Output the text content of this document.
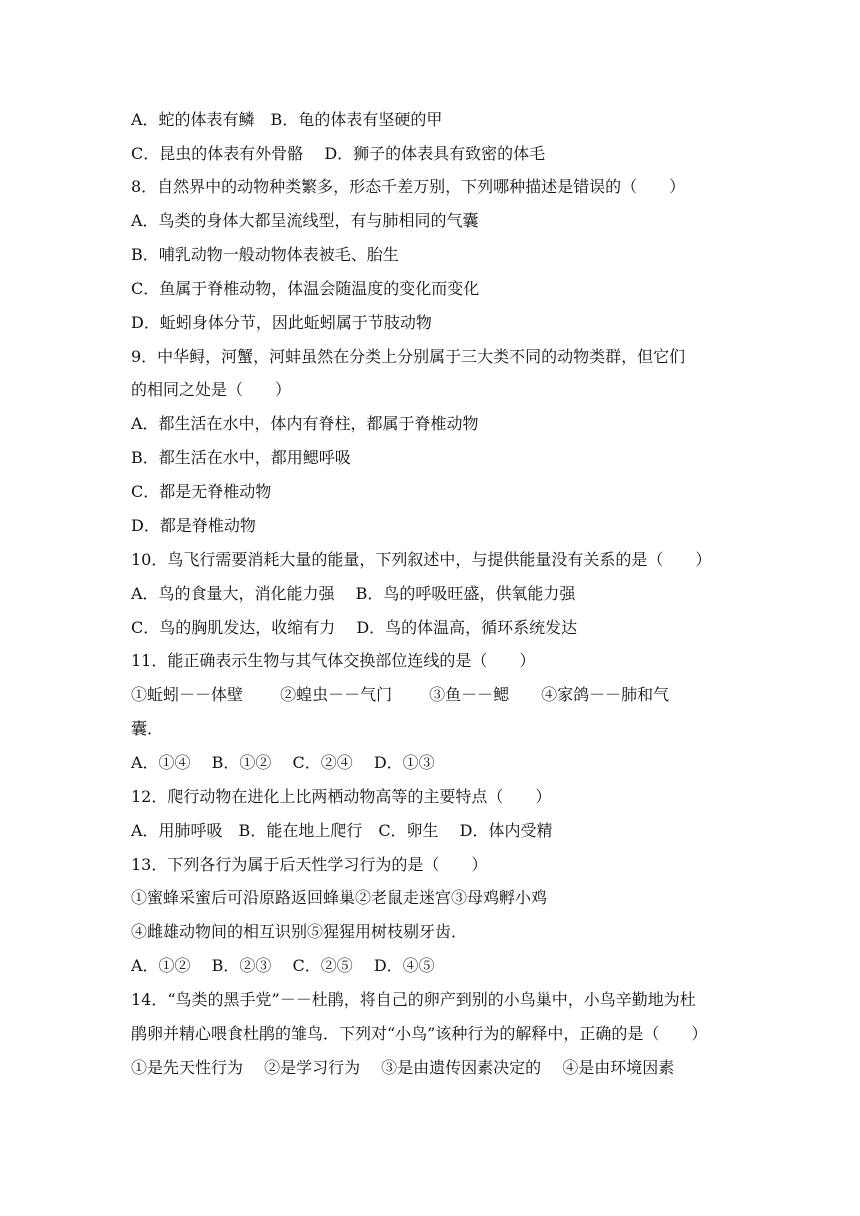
A．蛇的体表有鳞　B．龟的体表有坚硬的甲
C．昆虫的体表有外骨骼　 D．狮子的体表具有致密的体毛
8．自然界中的动物种类繁多，形态千差万别，下列哪种描述是错误的（　　）
A．鸟类的身体大都呈流线型，有与肺相同的气囊
B．哺乳动物一般动物体表被毛、胎生
C．鱼属于脊椎动物，体温会随温度的变化而变化
D．蚯蚓身体分节，因此蚯蚓属于节肢动物
9．中华鲟，河蟹，河蚌虽然在分类上分别属于三大类不同的动物类群，但它们
的相同之处是（　　）
A．都生活在水中，体内有脊柱，都属于脊椎动物
B．都生活在水中，都用鳃呼吸
C．都是无脊椎动物
D．都是脊椎动物
10．鸟飞行需要消耗大量的能量，下列叙述中，与提供能量没有关系的是（　　）
A．鸟的食量大，消化能力强　 B．鸟的呼吸旺盛，供氧能力强
C．鸟的胸肌发达，收缩有力　 D．鸟的体温高，循环系统发达
11．能正确表示生物与其气体交换部位连线的是（　　）
①蚯蚓－－体壁　　 ②蝗虫－－气门　　 ③鱼－－鳃　　④家鸽－－肺和气
囊．
A．①④　 B．①②　 C．②④　 D．①③
12．爬行动物在进化上比两栖动物高等的主要特点（　　）
A．用肺呼吸　B．能在地上爬行　C．卵生　 D．体内受精
13．下列各行为属于后天性学习行为的是（　　）
①蜜蜂采蜜后可沿原路返回蜂巢②老鼠走迷宫③母鸡孵小鸡
④雌雄动物间的相互识别⑤猩猩用树枝剔牙齿．
A．①②　 B．②③　 C．②⑤　 D．④⑤
14．“鸟类的黑手党”－－杜鹃，将自己的卵产到别的小鸟巢中，小鸟辛勤地为杜
鹃卵并精心喂食杜鹃的雏鸟．下列对“小鸟”该种行为的解释中，正确的是（　　）
①是先天性行为　 ②是学习行为　 ③是由遗传因素决定的　 ④是由环境因素
